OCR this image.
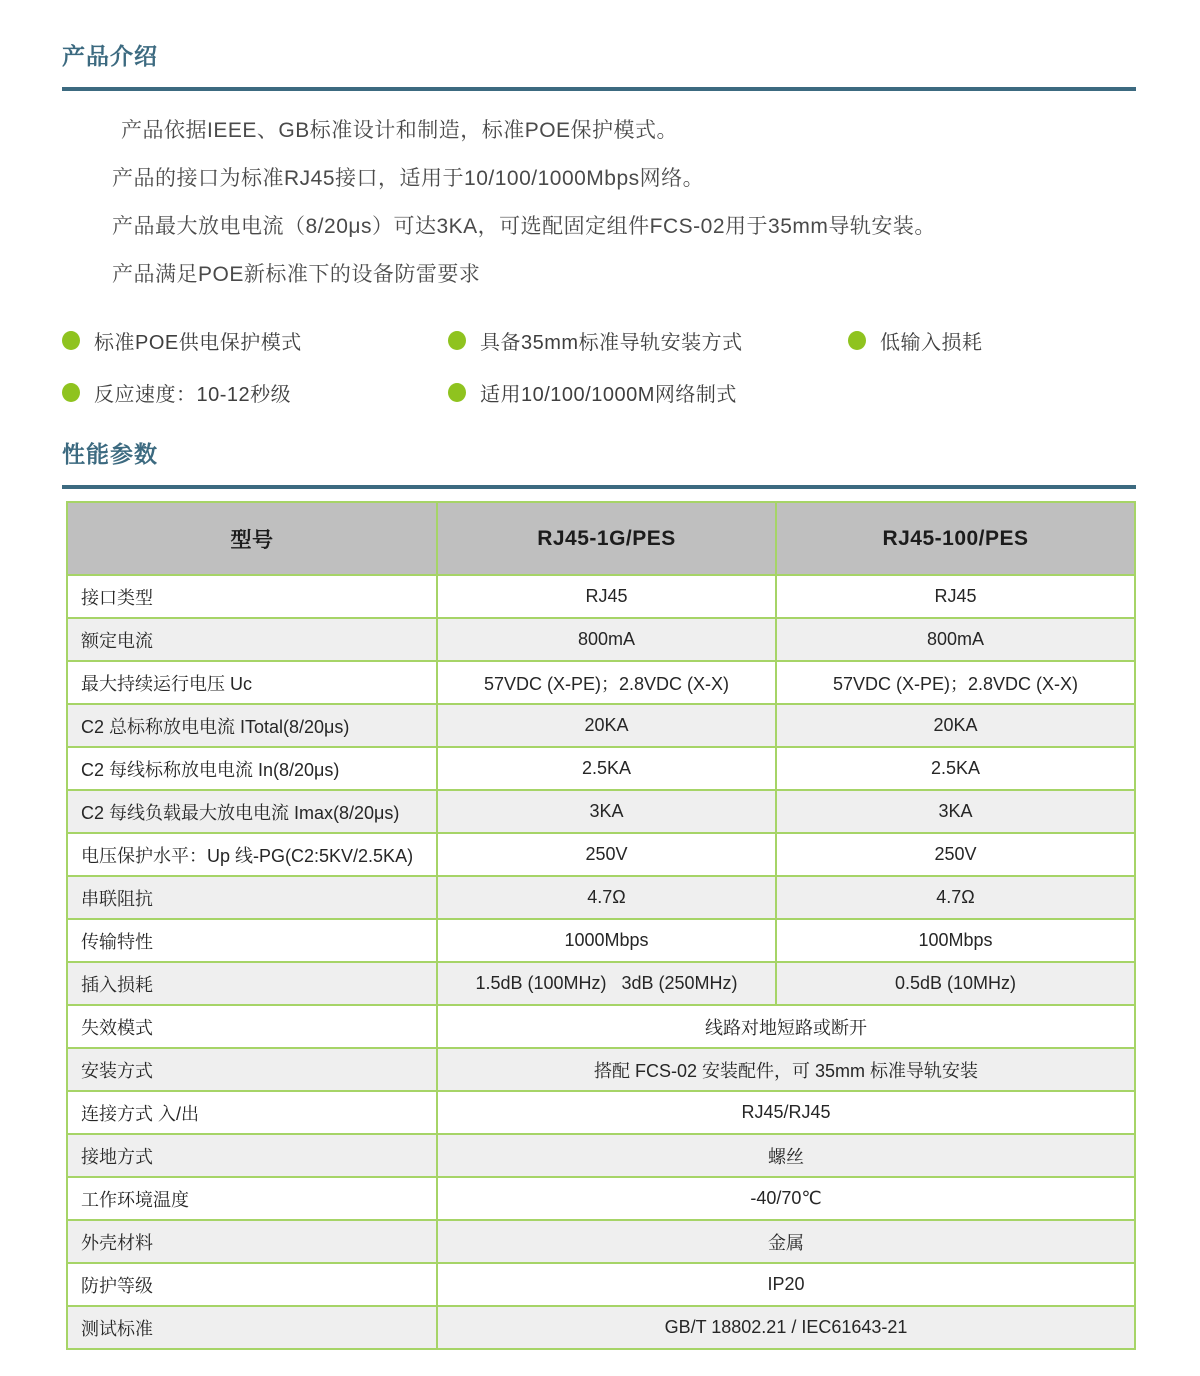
产品介绍

产品依据IEEE、GB标准设计和制造，标准POE保护模式。

产品的接口为标准RJ45接口，适用于10/100/1000Mbps网络。

产品最大放电电流（8/20μs）可达3KA，可选配固定组件FCS-02用于35mm导轨安装。

产品满足POE新标准下的设备防雷要求

标准POE供电保护模式	具备35mm标准导轨安装方式	低输入损耗
反应速度：10-12秒级	适用10/100/1000M网络制式
性能参数
型号	RJ45-1G/PES	RJ45-100/PES
接口类型	RJ45	RJ45
额定电流	800mA	800mA
最大持续运行电压 Uc	57VDC (X-PE)；2.8VDC (X-X)	57VDC (X-PE)；2.8VDC (X-X)
C2 总标称放电电流 ITotal(8/20μs)	20KA	20KA
C2 每线标称放电电流 In(8/20μs)	2.5KA	2.5KA
C2 每线负载最大放电电流 Imax(8/20μs)	3KA	3KA
电压保护水平：Up 线-PG(C2:5KV/2.5KA)	250V	250V
串联阻抗	4.7Ω	4.7Ω
传输特性	1000Mbps	100Mbps
插入损耗	1.5dB (100MHz)   3dB (250MHz)	0.5dB (10MHz)
失效模式	线路对地短路或断开	
安装方式	搭配 FCS-02 安装配件，可 35mm 标准导轨安装	
连接方式 入/出	RJ45/RJ45	
接地方式	螺丝	
工作环境温度	-40/70℃	
外壳材料	金属	
防护等级	IP20	
测试标准	GB/T 18802.21 / IEC61643-21	
